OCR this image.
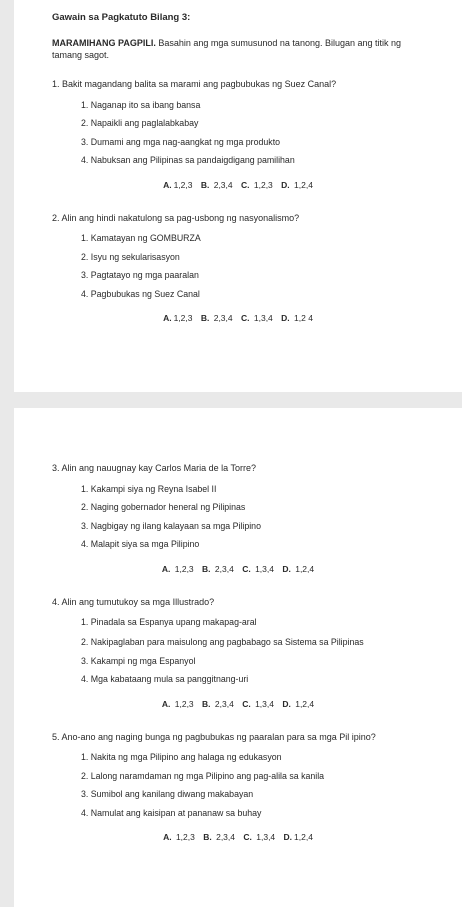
Gawain sa Pagkatuto Bilang 3:

MARAMIHANG PAGPILI. Basahin ang mga sumusunod na tanong. Bilugan ang titik ng tamang sagot.

1. Bakit magandang balita sa marami ang pagbubukas ng Suez Canal?

1. Naganap ito sa ibang bansa
2. Napaikli ang paglalabkabay
3. Dumami ang mga nag-aangkat ng mga produkto
4. Nabuksan ang Pilipinas sa pandaigdigang pamilihan

A. 1,2,3 B. 2,3,4 C. 1,2,3 D. 1,2,4

2. Alin ang hindi nakatulong sa pag-usbong ng nasyonalismo?

1. Kamatayan ng GOMBURZA
2. Isyu ng sekularisasyon
3. Pagtatayo ng mga paaralan
4. Pagbubukas ng Suez Canal

A. 1,2,3 B. 2,3,4 C. 1,3,4 D. 1,2 4

3. Alin ang nauugnay kay Carlos Maria de la Torre?

1. Kakampi siya ng Reyna Isabel II
2. Naging gobernador heneral ng Pilipinas
3. Nagbigay ng ilang kalayaan sa mga Pilipino
4. Malapit siya sa mga Pilipino

A. 1,2,3 B. 2,3,4 C. 1,3,4 D. 1,2,4

4. Alin ang tumutukoy sa mga Illustrado?

1. Pinadala sa Espanya upang makapag-aral
2. Nakipaglaban para maisulong ang pagbabago sa Sistema sa Pilipinas
3. Kakampi ng mga Espanyol
4. Mga kabataang mula sa panggitnang-uri

A. 1,2,3 B. 2,3,4 C. 1,3,4 D. 1,2,4

5. Ano-ano ang naging bunga ng pagbubukas ng paaralan para sa mga Pil ipino?

1. Nakita ng mga Pilipino ang halaga ng edukasyon
2. Lalong naramdaman ng mga Pilipino ang pag-alila sa kanila
3. Sumibol ang kanilang diwang makabayan
4. Namulat ang kaisipan at pananaw sa buhay

A. 1,2,3 B. 2,3,4 C. 1,3,4 D. 1,2,4
